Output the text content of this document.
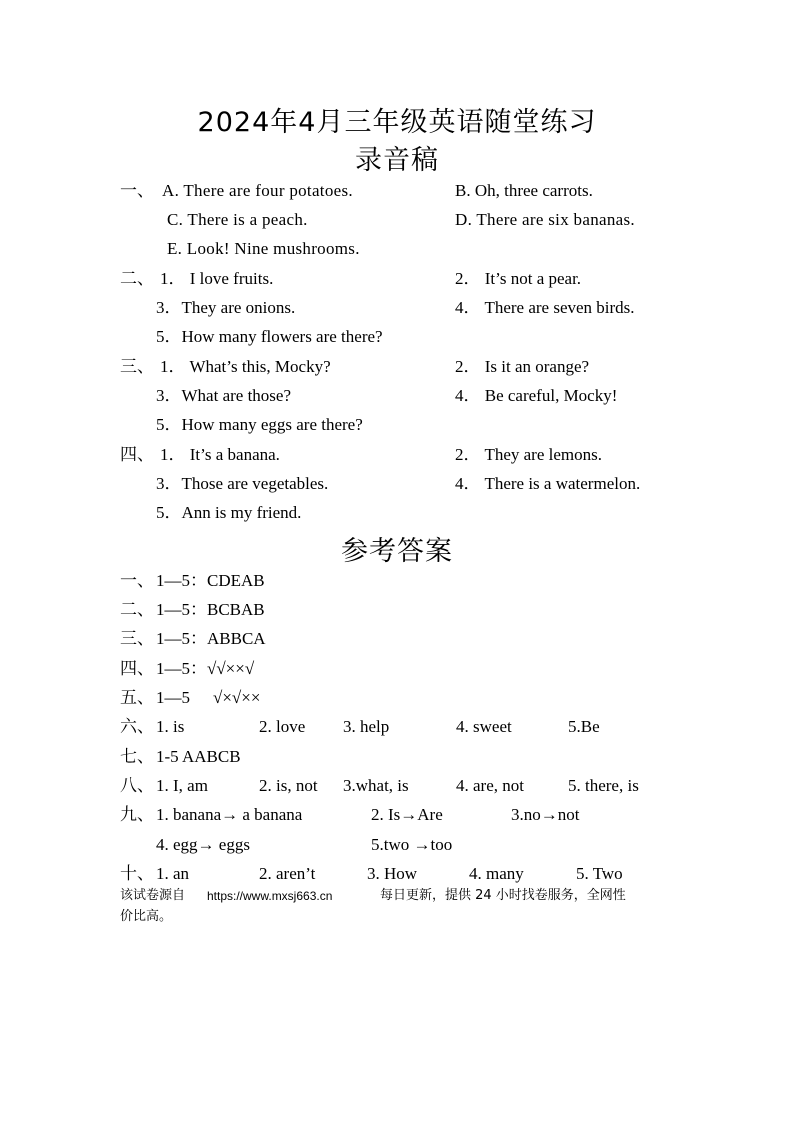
2024年4月三年级英语随堂练习
录音稿
一、 A. There are four potatoes.	B. Oh, three carrots.
C. There is a peach.	D. There are six bananas.
E. Look! Nine mushrooms.
二、 1． I love fruits.	2． It’s not a pear.
3．They are onions.	4． There are seven birds.
5．How many flowers are there?
三、 1． What’s this, Mocky?	2． Is it an orange?
3．What are those?	4． Be careful, Mocky!
5．How many eggs are there?
四、 1． It’s a banana.	2． They are lemons.
3．Those are vegetables.	4． There is a watermelon.
5．Ann is my friend.
参考答案
一、 1—5：CDEAB
二、 1—5：BCBAB
三、 1—5：ABBCA
四、 1—5：√√××√
五、 1—5 √×√××
六、 1. is	2. love 3. help	4. sweet	5.Be
七、 1-5 AABCB
八、 1. I, am	2. is, not 3.what, is	4. are, not	5. there, is
九、 1. banana→ a banana	2. Is→Are	3.no→not
4. egg→ eggs	5.two →too
十、 1. an	2. aren’t	3. How	4. many	5. Two
该试卷源自 https://www.mxsj663.cn	每日更新，提供 24 小时找卷服务，全网性
价比高。
